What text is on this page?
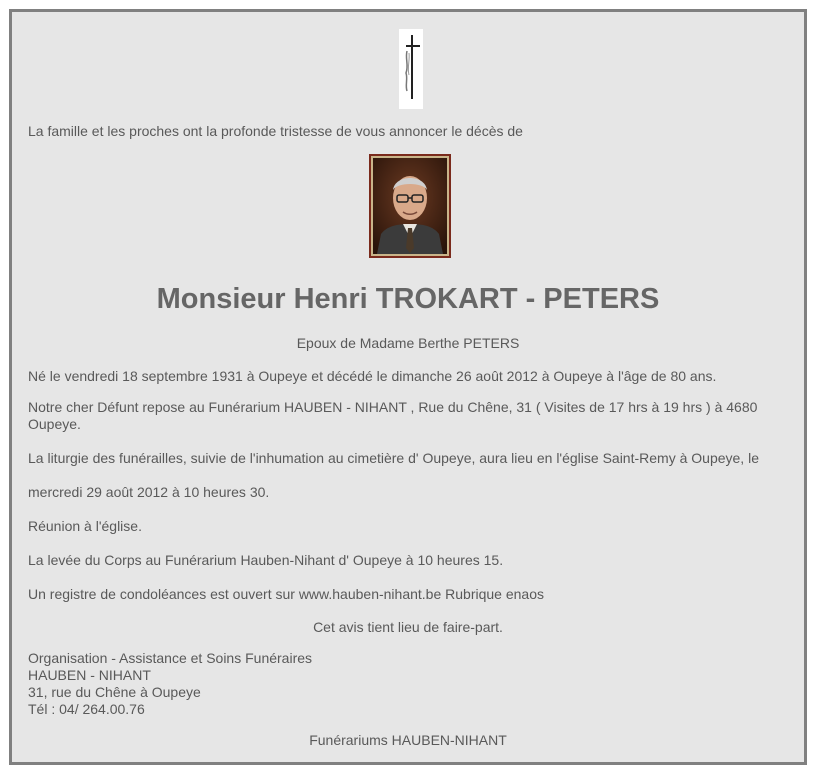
La famille et les proches ont la profonde tristesse de vous annoncer le décès de
Monsieur Henri TROKART - PETERS
Epoux de Madame Berthe PETERS
Né le vendredi 18 septembre 1931 à Oupeye et décédé le dimanche 26 août 2012 à Oupeye à l'âge de 80 ans.
Notre cher Défunt repose au Funérarium HAUBEN - NIHANT , Rue du Chêne, 31 ( Visites de 17 hrs à 19 hrs ) à 4680 Oupeye.
La liturgie des funérailles, suivie de l'inhumation au cimetière d' Oupeye, aura lieu en l'église Saint-Remy à Oupeye, le
mercredi 29 août 2012 à 10 heures 30.
Réunion à l'église.
La levée du Corps au Funérarium Hauben-Nihant d' Oupeye à 10 heures 15.
Un registre de condoléances est ouvert sur www.hauben-nihant.be Rubrique enaos
Cet avis tient lieu de faire-part.
Organisation - Assistance et Soins Funéraires
HAUBEN - NIHANT
31, rue du Chêne à Oupeye
Tél : 04/ 264.00.76
Funérariums HAUBEN-NIHANT
